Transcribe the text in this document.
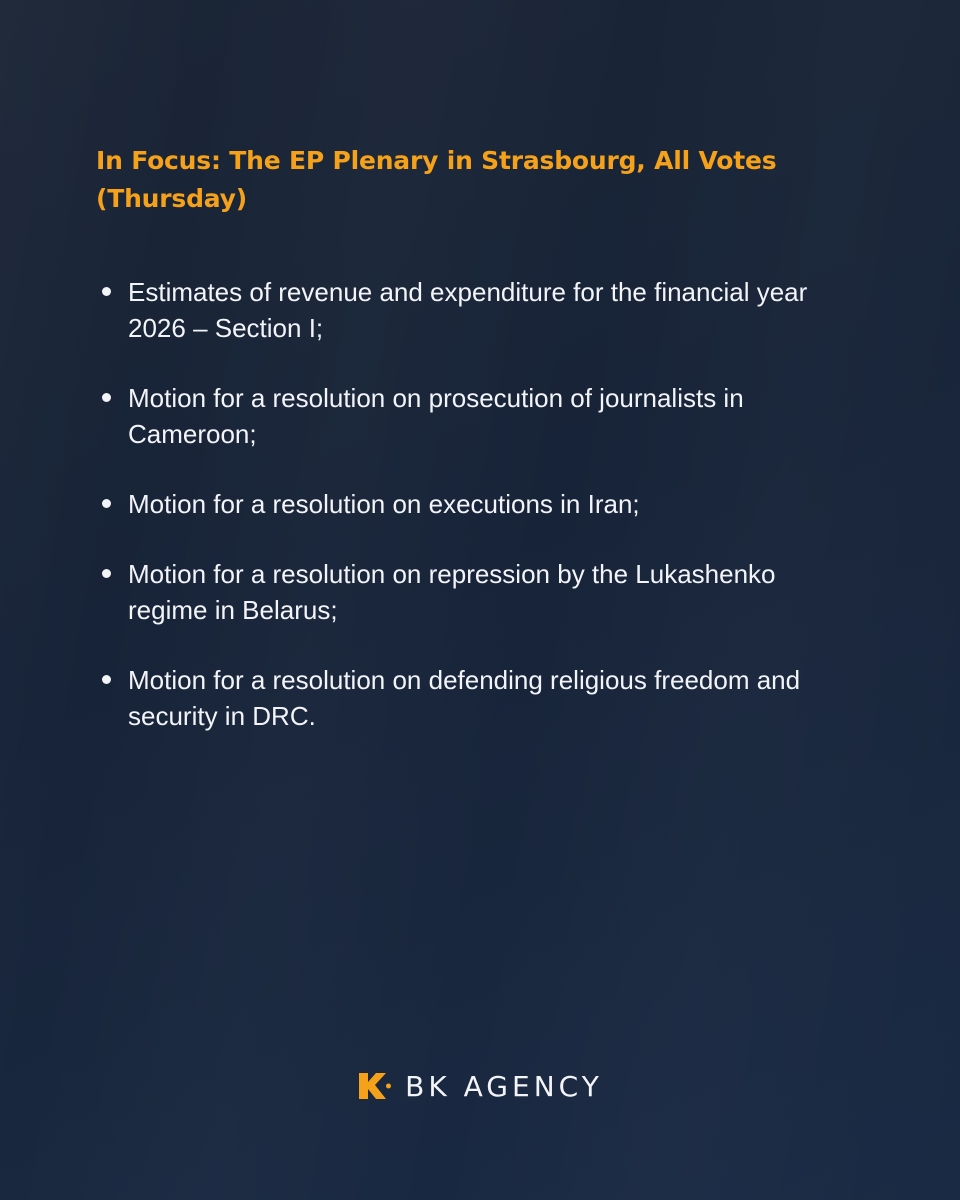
In Focus: The EP Plenary in Strasbourg, All Votes (Thursday)
Estimates of revenue and expenditure for the financial year 2026 – Section I;
Motion for a resolution on prosecution of journalists in Cameroon;
Motion for a resolution on executions in Iran;
Motion for a resolution on repression by the Lukashenko regime in Belarus;
Motion for a resolution on defending religious freedom and security in DRC.
BK AGENCY
